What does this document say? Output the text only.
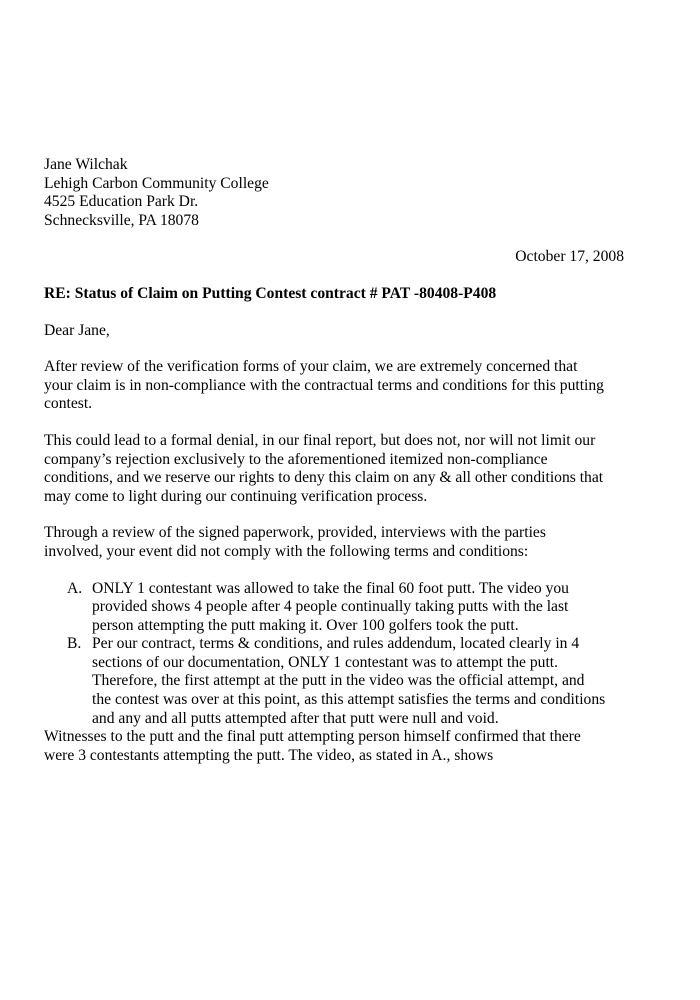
Jane Wilchak
Lehigh Carbon Community College
4525 Education Park Dr.
Schnecksville, PA 18078
October 17, 2008
RE: Status of Claim on Putting Contest contract # PAT -80408-P408
Dear Jane,
After review of the verification forms of your claim, we are extremely concerned that
your claim is in non-compliance with the contractual terms and conditions for this putting
contest.
This could lead to a formal denial, in our final report, but does not, nor will not limit our
company’s rejection exclusively to the aforementioned itemized non-compliance
conditions, and we reserve our rights to deny this claim on any & all other conditions that
may come to light during our continuing verification process.
Through a review of the signed paperwork, provided, interviews with the parties
involved, your event did not comply with the following terms and conditions:
A. ONLY 1 contestant was allowed to take the final 60 foot putt. The video you
provided shows 4 people after 4 people continually taking putts with the last
person attempting the putt making it. Over 100 golfers took the putt.
B. Per our contract, terms & conditions, and rules addendum, located clearly in 4
sections of our documentation, ONLY 1 contestant was to attempt the putt.
Therefore, the first attempt at the putt in the video was the official attempt, and
the contest was over at this point, as this attempt satisfies the terms and conditions
and any and all putts attempted after that putt were null and void.
Witnesses to the putt and the final putt attempting person himself confirmed that there
were 3 contestants attempting the putt. The video, as stated in A., shows
